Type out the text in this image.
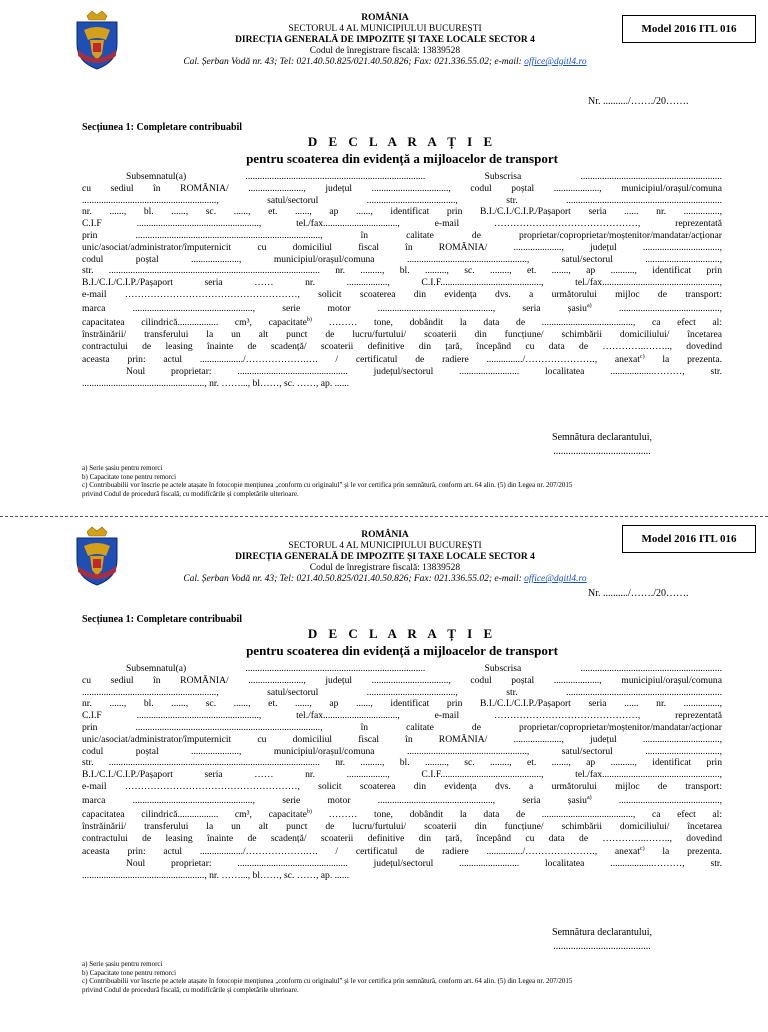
ROMÂNIA
SECTORUL 4 AL MUNICIPIULUI BUCUREȘTI
DIRECȚIA GENERALĂ DE IMPOZITE ȘI TAXE LOCALE SECTOR 4
Codul de înregistrare fiscală: 13839528
Cal. Șerban Vodă nr. 43; Tel: 021.40.50.825/021.40.50.826; Fax: 021.336.55.02; e-mail: office@dgitl4.ro
Model 2016 ITL 016
Nr. ........../……./20…….
Secțiunea 1: Completare contribuabil
D E C L A R A Ț I E
pentru scoaterea din evidență a mijloacelor de transport
Subsemnatul(a) ........................................................................... Subscrisa ...........................................................
cu sediul în ROMÂNIA/ ......................., județul ................................, codul poștal ..................., municipiul/orașul/comuna
........................................................, satul/sectorul ....................................., str. .................................................................
nr. ......, bl. ......, sc. ......, et. ......, ap ......, identificat prin B.I./C.I./C.I.P./Pașaport seria ...... nr. ...............,
C.I.F ..................................................., tel./fax..............................., e-mail ………………………………………, reprezentată
prin ............................................................................., în calitate de proprietar/coproprietar/moștenitor/mandatar/acționar
unic/asociat/administrator/împuternicit cu domiciliul fiscal în ROMÂNIA/ ...................., județul ................................,
codul poștal ...................., municipiul/orașul/comuna .................................................., satul/sectorul ...............................,
str. ........................................................................................ nr. ........., bl. ........., sc. ........, et. ......., ap .........., identificat prin
B.I./C.I./C.I.P./Pașaport seria …… nr. ................., C.I.F.........................................., tel./fax.................................................,
e-mail ………………………………………………, solicit scoaterea din evidența dvs. a următorului mijloc de transport:
marca .................................................., serie motor ................................................, seria șasiu$^{a)}$ ..........................................,
capacitatea cilindrică................. cm³, capacitate$^{b)}$ ……… tone, dobândit la data de ......................................, ca efect al:
înstrăinării/ transferului la un alt punct de lucru/furtului/ scoaterii din funcțiune/ schimbării domiciliului/ încetarea
contractului de leasing înainte de scadență/ scoaterii definitive din țară, începând cu data de …………..…….., dovedind
aceasta prin: actul ................../……………….…. / certificatul de radiere .............../…………………., anexat$^{c)}$ la prezenta.
Noul proprietar: .............................................. județul/sectorul ......................... localitatea ..................………, str.
..................................................., nr. ……..., bl……, sc. ……, ap. ......
Semnătura declarantului,
.......................................
a) Serie șasiu pentru remorci
b) Capacitate tone pentru remorci
c) Contribuabilii vor înscrie pe actele atașate în fotocopie mențiunea „conform cu originalul” și le vor certifica prin semnătură, conform art. 64 alin. (5) din Legea nr. 207/2015
privind Codul de procedură fiscală, cu modificările și completările ulterioare.
ROMÂNIA
SECTORUL 4 AL MUNICIPIULUI BUCUREȘTI
DIRECȚIA GENERALĂ DE IMPOZITE ȘI TAXE LOCALE SECTOR 4
Codul de înregistrare fiscală: 13839528
Cal. Șerban Vodă nr. 43; Tel: 021.40.50.825/021.40.50.826; Fax: 021.336.55.02; e-mail: office@dgitl4.ro
Model 2016 ITL 016
Nr. ........../……./20…….
Secțiunea 1: Completare contribuabil
D E C L A R A Ț I E
pentru scoaterea din evidență a mijloacelor de transport
Subsemnatul(a) ........................................................................... Subscrisa ...........................................................
cu sediul în ROMÂNIA/ ......................., județul ................................, codul poștal ..................., municipiul/orașul/comuna
........................................................, satul/sectorul ....................................., str. .................................................................
nr. ......, bl. ......, sc. ......, et. ......, ap ......, identificat prin B.I./C.I./C.I.P./Pașaport seria ...... nr. ...............,
C.I.F ..................................................., tel./fax..............................., e-mail ………………………………………, reprezentată
prin ............................................................................., în calitate de proprietar/coproprietar/moștenitor/mandatar/acționar
unic/asociat/administrator/împuternicit cu domiciliul fiscal în ROMÂNIA/ ...................., județul ................................,
codul poștal ...................., municipiul/orașul/comuna .................................................., satul/sectorul ...............................,
str. ........................................................................................ nr. ........., bl. ........., sc. ........, et. ......., ap .........., identificat prin
B.I./C.I./C.I.P./Pașaport seria …… nr. ................., C.I.F.........................................., tel./fax.................................................,
e-mail ………………………………………………, solicit scoaterea din evidența dvs. a următorului mijloc de transport:
marca .................................................., serie motor ................................................, seria șasiu$^{a)}$ ..........................................,
capacitatea cilindrică................. cm³, capacitate$^{b)}$ ……… tone, dobândit la data de ......................................, ca efect al:
înstrăinării/ transferului la un alt punct de lucru/furtului/ scoaterii din funcțiune/ schimbării domiciliului/ încetarea
contractului de leasing înainte de scadență/ scoaterii definitive din țară, începând cu data de …………..…….., dovedind
aceasta prin: actul ................../……………….…. / certificatul de radiere .............../…………………., anexat$^{c)}$ la prezenta.
Noul proprietar: .............................................. județul/sectorul ......................... localitatea ..................………, str.
..................................................., nr. ……..., bl……, sc. ……, ap. ......
Semnătura declarantului,
.......................................
a) Serie șasiu pentru remorci
b) Capacitate tone pentru remorci
c) Contribuabilii vor înscrie pe actele atașate în fotocopie mențiunea „conform cu originalul” și le vor certifica prin semnătură, conform art. 64 alin. (5) din Legea nr. 207/2015
privind Codul de procedură fiscală, cu modificările și completările ulterioare.
